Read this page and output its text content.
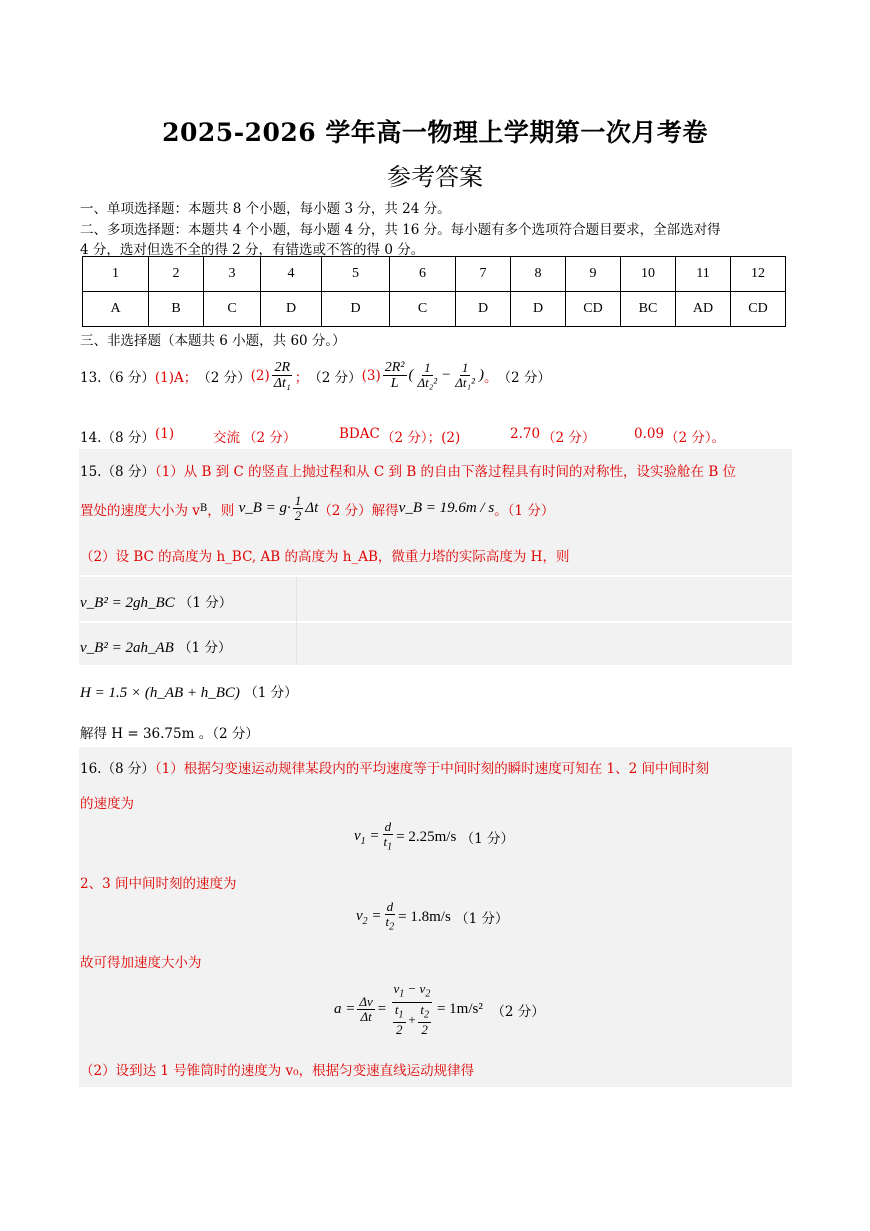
2025-2026 学年高一物理上学期第一次月考卷
参考答案
一、单项选择题：本题共 8 个小题，每小题 3 分，共 24 分。
二、多项选择题：本题共 4 个小题，每小题 4 分，共 16 分。每小题有多个选项符合题目要求，全部选对得
4 分，选对但选不全的得 2 分，有错选或不答的得 0 分。
1	2	3	4	5	6	7	8	9	10	11	12
A	B	C	D	D	C	D	D	CD	BC	AD	CD
三、非选择题（本题共 6 小题，共 60 分。）
13.（6 分） (1)A； （2 分） $(2) \frac{2R}{\text{Δt₁}}$ ； （2 分） $(3) \frac{\text{2R²}}{L}$ ( $\frac{1}{\text{Δt₂²}} - \frac{1}{\text{Δt₁²}}$ ) 。 （2 分）
14.（8 分） (1)	交流 （2 分）	BDAC （2 分）；(2)	2.70 （2 分）	0.09 （2 分）。
15.（8 分）（1）从 B 到 C 的竖直上抛过程和从 C 到 B 的自由下落过程具有时间的对称性，设实验舱在 B 位
置处的速度大小为 v B ，则
v_B = $g\cdot \frac{1}{2}$ Δt （2 分）解得 v_B = 19.6m / s 。（1 分）
（2）设 BC 的高度为 h_BC, AB 的高度为 h_AB，微重力塔的实际高度为 H，则
v_B² = 2gh_BC （1 分）
v_B² = 2ah_AB （1 分）
H = 1.5 × (h_AB + h_BC) （1 分）
解得 H = 36.75m 。（2 分）
16.（8 分）（1）根据匀变速运动规律某段内的平均速度等于中间时刻的瞬时速度可知在 1、2 间中间时刻
的速度为
$v_1 = \frac{d}{t_1} = 2.25m/s$
（1 分）
2、3 间中间时刻的速度为
$v_2 = \frac{d}{t_2} = 1.8m/s$
（1 分）
故可得加速度大小为
$a = \frac{\Delta v}{\Delta t} = \frac{v_1 - v_2}{\frac{t_1}{2} + \frac{t_2}{2}} = 1m/s^2$
（2 分）
（2）设到达 1 号锥筒时的速度为 v₀，根据匀变速直线运动规律得
